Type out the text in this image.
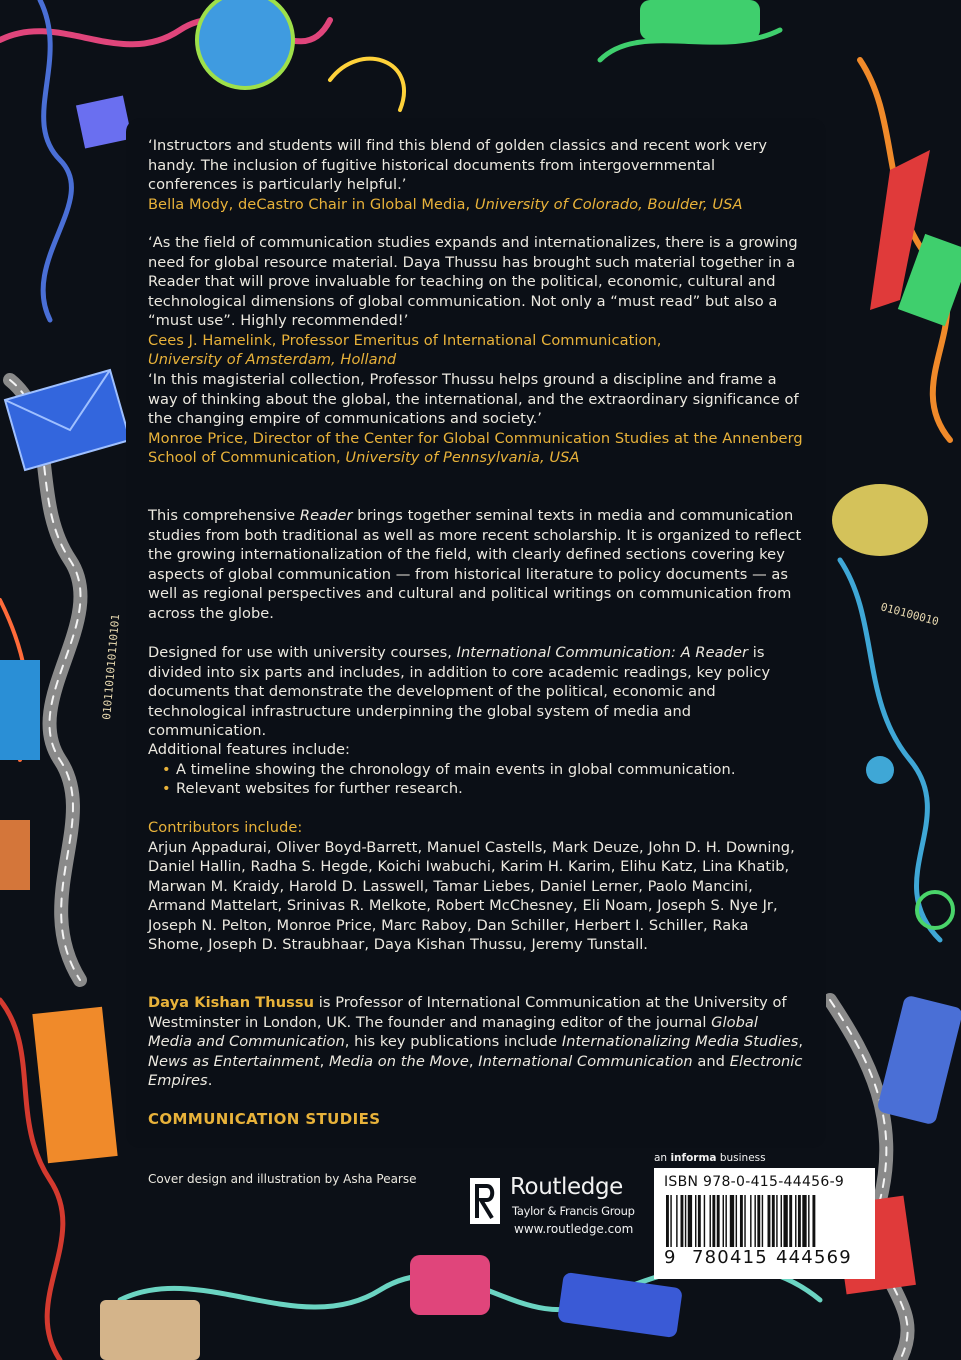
0101101010110101	010100010

‘Instructors and students will find this blend of golden classics and recent work very handy. The inclusion of fugitive historical documents from intergovernmental conferences is particularly helpful.’

Bella Mody, deCastro Chair in Global Media, University of Colorado, Boulder, USA

‘As the field of communication studies expands and internationalizes, there is a growing need for global resource material. Daya Thussu has brought such material together in a Reader that will prove invaluable for teaching on the political, economic, cultural and technological dimensions of global communication. Not only a “must read” but also a “must use”. Highly recommended!’

Cees J. Hamelink, Professor Emeritus of International Communication,
University of Amsterdam, Holland

‘In this magisterial collection, Professor Thussu helps ground a discipline and frame a way of thinking about the global, the international, and the extraordinary significance of the changing empire of communications and society.’

Monroe Price, Director of the Center for Global Communication Studies at the Annenberg School of Communication, University of Pennsylvania, USA

This comprehensive Reader brings together seminal texts in media and communication studies from both traditional as well as more recent scholarship. It is organized to reflect the growing internationalization of the field, with clearly defined sections covering key aspects of global communication — from historical literature to policy documents — as well as regional perspectives and cultural and political writings on communication from across the globe.
Designed for use with university courses, International Communication: A Reader is divided into six parts and includes, in addition to core academic readings, key policy documents that demonstrate the development of the political, economic and technological infrastructure underpinning the global system of media and communication.
Additional features include:
• A timeline showing the chronology of main events in global communication.
• Relevant websites for further research.
Contributors include:
Arjun Appadurai, Oliver Boyd-Barrett, Manuel Castells, Mark Deuze, John D. H. Downing, Daniel Hallin, Radha S. Hegde, Koichi Iwabuchi, Karim H. Karim, Elihu Katz, Lina Khatib, Marwan M. Kraidy, Harold D. Lasswell, Tamar Liebes, Daniel Lerner, Paolo Mancini, Armand Mattelart, Srinivas R. Melkote, Robert McChesney, Eli Noam, Joseph S. Nye Jr, Joseph N. Pelton, Monroe Price, Marc Raboy, Dan Schiller, Herbert I. Schiller, Raka Shome, Joseph D. Straubhaar, Daya Kishan Thussu, Jeremy Tunstall.
Daya Kishan Thussu is Professor of International Communication at the University of Westminster in London, UK. The founder and managing editor of the journal Global Media and Communication, his key publications include Internationalizing Media Studies, News as Entertainment, Media on the Move, International Communication and Electronic Empires.
COMMUNICATION STUDIES
Cover design and illustration by Asha Pearse	Routledge
Taylor & Francis Group
www.routledge.com
an informa business
ISBN 978-0-415-44456-9
9 780415 444569
